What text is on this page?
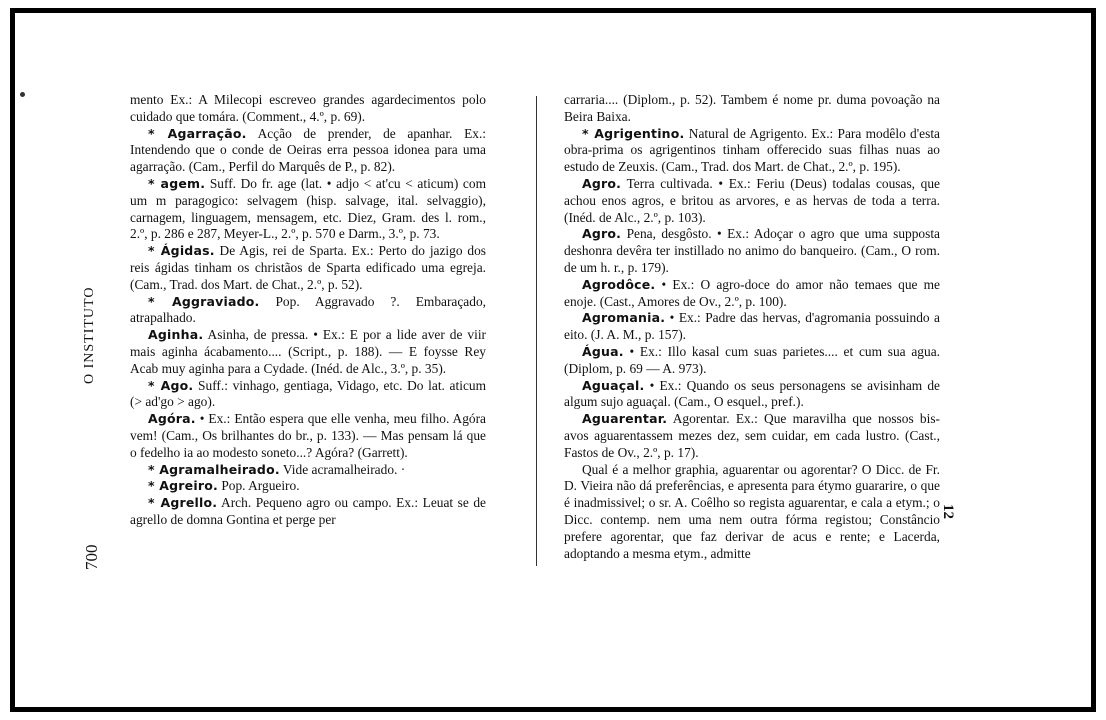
O INSTITUTO
700
12

mento Ex.: A Milecopi escreveo grandes agardecimentos polo cuidado que tomára. (Comment., 4.º, p. 69).

* Agarração. Acção de prender, de apanhar. Ex.: Intendendo que o conde de Oeiras erra pessoa idonea para uma agarração. (Cam., Perfil do Marquês de P., p. 82).

* agem. Suff. Do fr. age (lat. • adjo < at'cu < aticum) com um m paragogico: selvagem (hisp. salvage, ital. selvaggio), carnagem, linguagem, mensagem, etc. Diez, Gram. des l. rom., 2.º, p. 286 e 287, Meyer-L., 2.º, p. 570 e Darm., 3.º, p. 73.

* Ágidas. De Agis, rei de Sparta. Ex.: Perto do jazigo dos reis ágidas tinham os christãos de Sparta edificado uma egreja. (Cam., Trad. dos Mart. de Chat., 2.º, p. 52).

* Aggraviado. Pop. Aggravado ?. Embaraçado, atrapalhado.

Aginha. Asinha, de pressa. • Ex.: E por a lide aver de viir mais aginha ácabamento.... (Script., p. 188). — E foysse Rey Acab muy aginha para a Cydade. (Inéd. de Alc., 3.º, p. 35).

* Ago. Suff.: vinhago, gentiaga, Vidago, etc. Do lat. aticum (> ad'go > ago).

Agóra. • Ex.: Então espera que elle venha, meu filho. Agóra vem! (Cam., Os brilhantes do br., p. 133). — Mas pensam lá que o fedelho ia ao modesto soneto...? Agóra? (Garrett).

* Agramalheirado. Vide acramalheirado. ·

* Agreiro. Pop. Argueiro.

* Agrello. Arch. Pequeno agro ou campo. Ex.: Leuat se de agrello de domna Gontina et perge per

carraria.... (Diplom., p. 52). Tambem é nome pr. duma povoação na Beira Baixa.

* Agrigentino. Natural de Agrigento. Ex.: Para modêlo d'esta obra-prima os agrigentinos tinham offerecido suas filhas nuas ao estudo de Zeuxis. (Cam., Trad. dos Mart. de Chat., 2.º, p. 195).

Agro. Terra cultivada. • Ex.: Feriu (Deus) todalas cousas, que achou enos agros, e britou as arvores, e as hervas de toda a terra. (Inéd. de Alc., 2.º, p. 103).

Agro. Pena, desgôsto. • Ex.: Adoçar o agro que uma supposta deshonra devêra ter instillado no animo do banqueiro. (Cam., O rom. de um h. r., p. 179).

Agrodôce. • Ex.: O agro-doce do amor não temaes que me enoje. (Cast., Amores de Ov., 2.º, p. 100).

Agromania. • Ex.: Padre das hervas, d'agromania possuindo a eito. (J. A. M., p. 157).

Água. • Ex.: Illo kasal cum suas parietes.... et cum sua agua. (Diplom, p. 69 — A. 973).

Aguaçal. • Ex.: Quando os seus personagens se avisinham de algum sujo aguaçal. (Cam., O esquel., pref.).

Aguarentar. Agorentar. Ex.: Que maravilha que nossos bis-avos aguarentassem mezes dez, sem cuidar, em cada lustro. (Cast., Fastos de Ov., 2.º, p. 17).

Qual é a melhor graphia, aguarentar ou agorentar? O Dicc. de Fr. D. Vieira não dá preferências, e apresenta para étymo guararire, o que é inadmissivel; o sr. A. Coêlho so regista aguarentar, e cala a etym.; o Dicc. contemp. nem uma nem outra fórma registou; Constâncio prefere agorentar, que faz derivar de acus e rente; e Lacerda, adoptando a mesma etym., admitte
